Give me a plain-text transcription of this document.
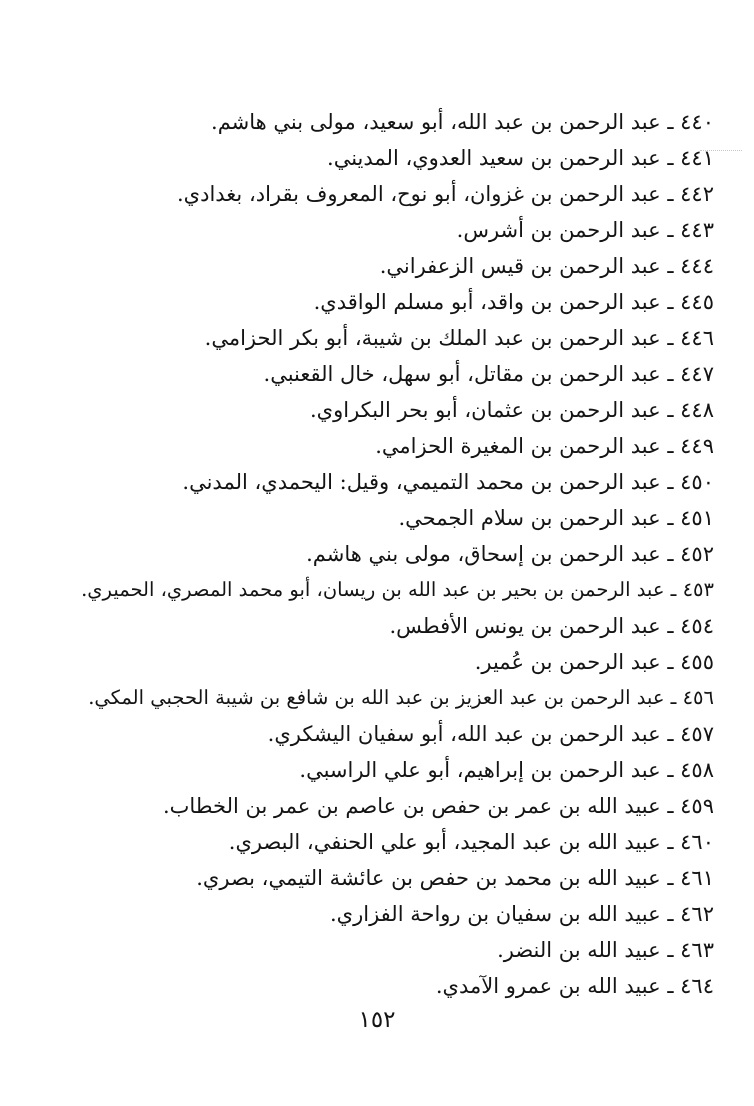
٤٤٠ ـ عبد الرحمن بن عبد الله، أبو سعيد، مولى بني هاشم.
٤٤١ ـ عبد الرحمن بن سعيد العدوي، المديني.
٤٤٢ ـ عبد الرحمن بن غزوان، أبو نوح، المعروف بقراد، بغدادي.
٤٤٣ ـ عبد الرحمن بن أشرس.
٤٤٤ ـ عبد الرحمن بن قيس الزعفراني.
٤٤٥ ـ عبد الرحمن بن واقد، أبو مسلم الواقدي.
٤٤٦ ـ عبد الرحمن بن عبد الملك بن شيبة، أبو بكر الحزامي.
٤٤٧ ـ عبد الرحمن بن مقاتل، أبو سهل، خال القعنبي.
٤٤٨ ـ عبد الرحمن بن عثمان، أبو بحر البكراوي.
٤٤٩ ـ عبد الرحمن بن المغيرة الحزامي.
٤٥٠ ـ عبد الرحمن بن محمد التميمي، وقيل: اليحمدي، المدني.
٤٥١ ـ عبد الرحمن بن سلام الجمحي.
٤٥٢ ـ عبد الرحمن بن إسحاق، مولى بني هاشم.
٤٥٣ ـ عبد الرحمن بن بحير بن عبد الله بن ريسان، أبو محمد المصري، الحميري.
٤٥٤ ـ عبد الرحمن بن يونس الأفطس.
٤٥٥ ـ عبد الرحمن بن عُمير.
٤٥٦ ـ عبد الرحمن بن عبد العزيز بن عبد الله بن شافع بن شيبة الحجبي المكي.
٤٥٧ ـ عبد الرحمن بن عبد الله، أبو سفيان اليشكري.
٤٥٨ ـ عبد الرحمن بن إبراهيم، أبو علي الراسبي.
٤٥٩ ـ عبيد الله بن عمر بن حفص بن عاصم بن عمر بن الخطاب.
٤٦٠ ـ عبيد الله بن عبد المجيد، أبو علي الحنفي، البصري.
٤٦١ ـ عبيد الله بن محمد بن حفص بن عائشة التيمي، بصري.
٤٦٢ ـ عبيد الله بن سفيان بن رواحة الفزاري.
٤٦٣ ـ عبيد الله بن النضر.
٤٦٤ ـ عبيد الله بن عمرو الآمدي.
١٥٢
